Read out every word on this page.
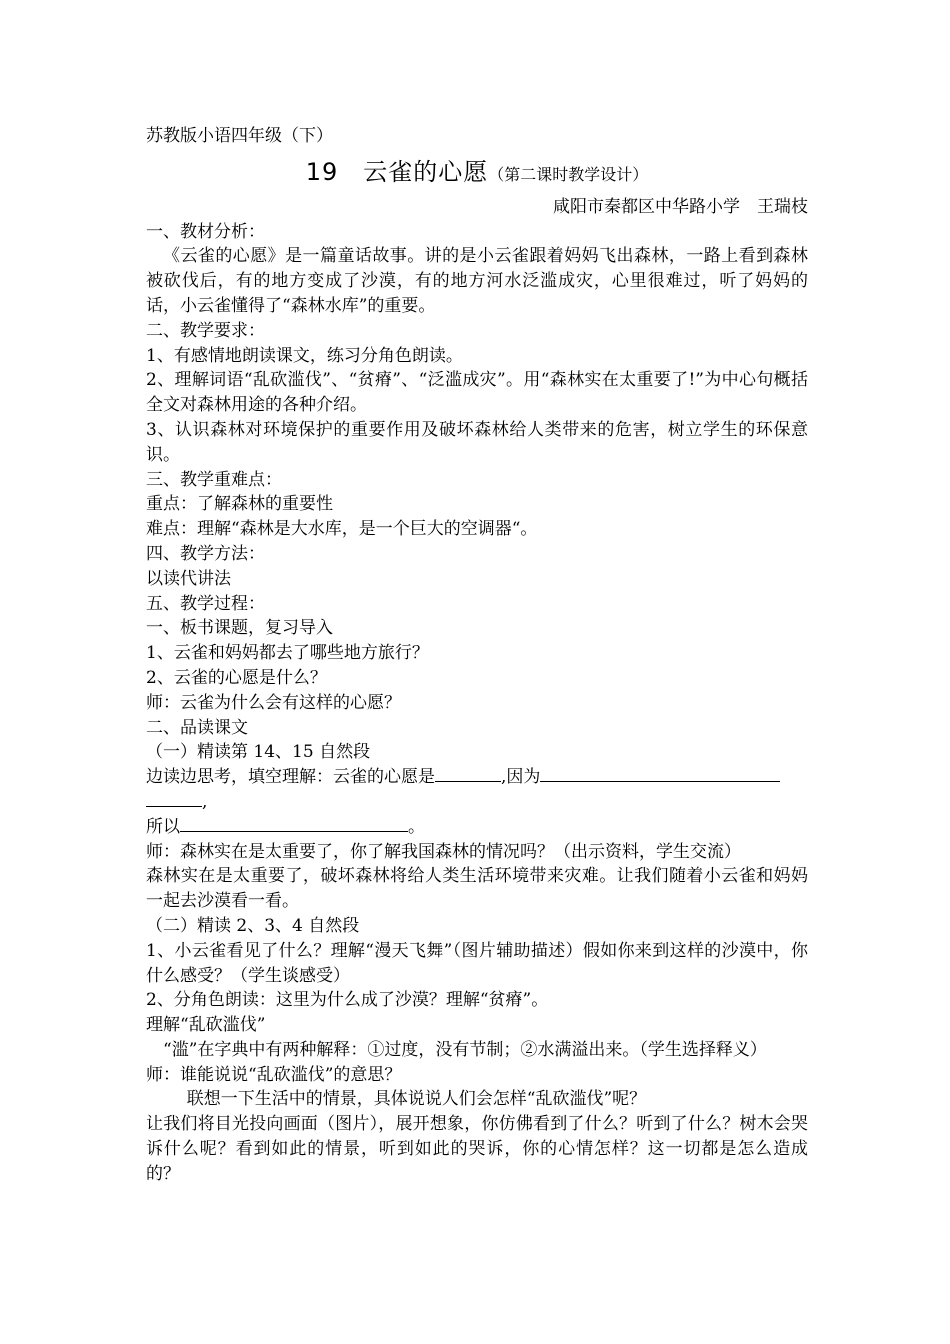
苏教版小语四年级（下）
19　 云雀的心愿（第二课时教学设计）
咸阳市秦都区中华路小学　王瑞枝
一、教材分析：
《云雀的心愿》是一篇童话故事。讲的是小云雀跟着妈妈飞出森林，一路上看到森林被砍伐后，有的地方变成了沙漠，有的地方河水泛滥成灾，心里很难过，听了妈妈的话，小云雀懂得了“森林水库”的重要。
二、教学要求：
1、有感情地朗读课文，练习分角色朗读。
2、理解词语“乱砍滥伐”、“贫瘠”、“泛滥成灾”。用“森林实在太重要了!”为中心句概括全文对森林用途的各种介绍。
3、认识森林对环境保护的重要作用及破坏森林给人类带来的危害，树立学生的环保意识。
三、教学重难点：
重点：了解森林的重要性
难点：理解“森林是大水库，是一个巨大的空调器“。
四、教学方法：
以读代讲法
五、教学过程：
一、板书课题，复习导入
1、云雀和妈妈都去了哪些地方旅行？
2、云雀的心愿是什么？
师：云雀为什么会有这样的心愿？
二、品读课文
（一）精读第 14、15 自然段
边读边思考，填空理解：云雀的心愿是	,因为
,
所以	。
师：森林实在是太重要了，你了解我国森林的情况吗？（出示资料，学生交流）
森林实在是太重要了，破坏森林将给人类生活环境带来灾难。让我们随着小云雀和妈妈一起去沙漠看一看。
（二）精读 2、3、4 自然段
1、小云雀看见了什么？理解“漫天飞舞”（图片辅助描述）假如你来到这样的沙漠中，你什么感受？（学生谈感受）
2、分角色朗读：这里为什么成了沙漠？理解“贫瘠”。
理解“乱砍滥伐”
“滥”在字典中有两种解释：①过度，没有节制；②水满溢出来。（学生选择释义）
师：谁能说说“乱砍滥伐”的意思？
联想一下生活中的情景，具体说说人们会怎样“乱砍滥伐”呢？
让我们将目光投向画面（图片），展开想象，你仿佛看到了什么？听到了什么？树木会哭诉什么呢？看到如此的情景，听到如此的哭诉，你的心情怎样？这一切都是怎么造成的？
